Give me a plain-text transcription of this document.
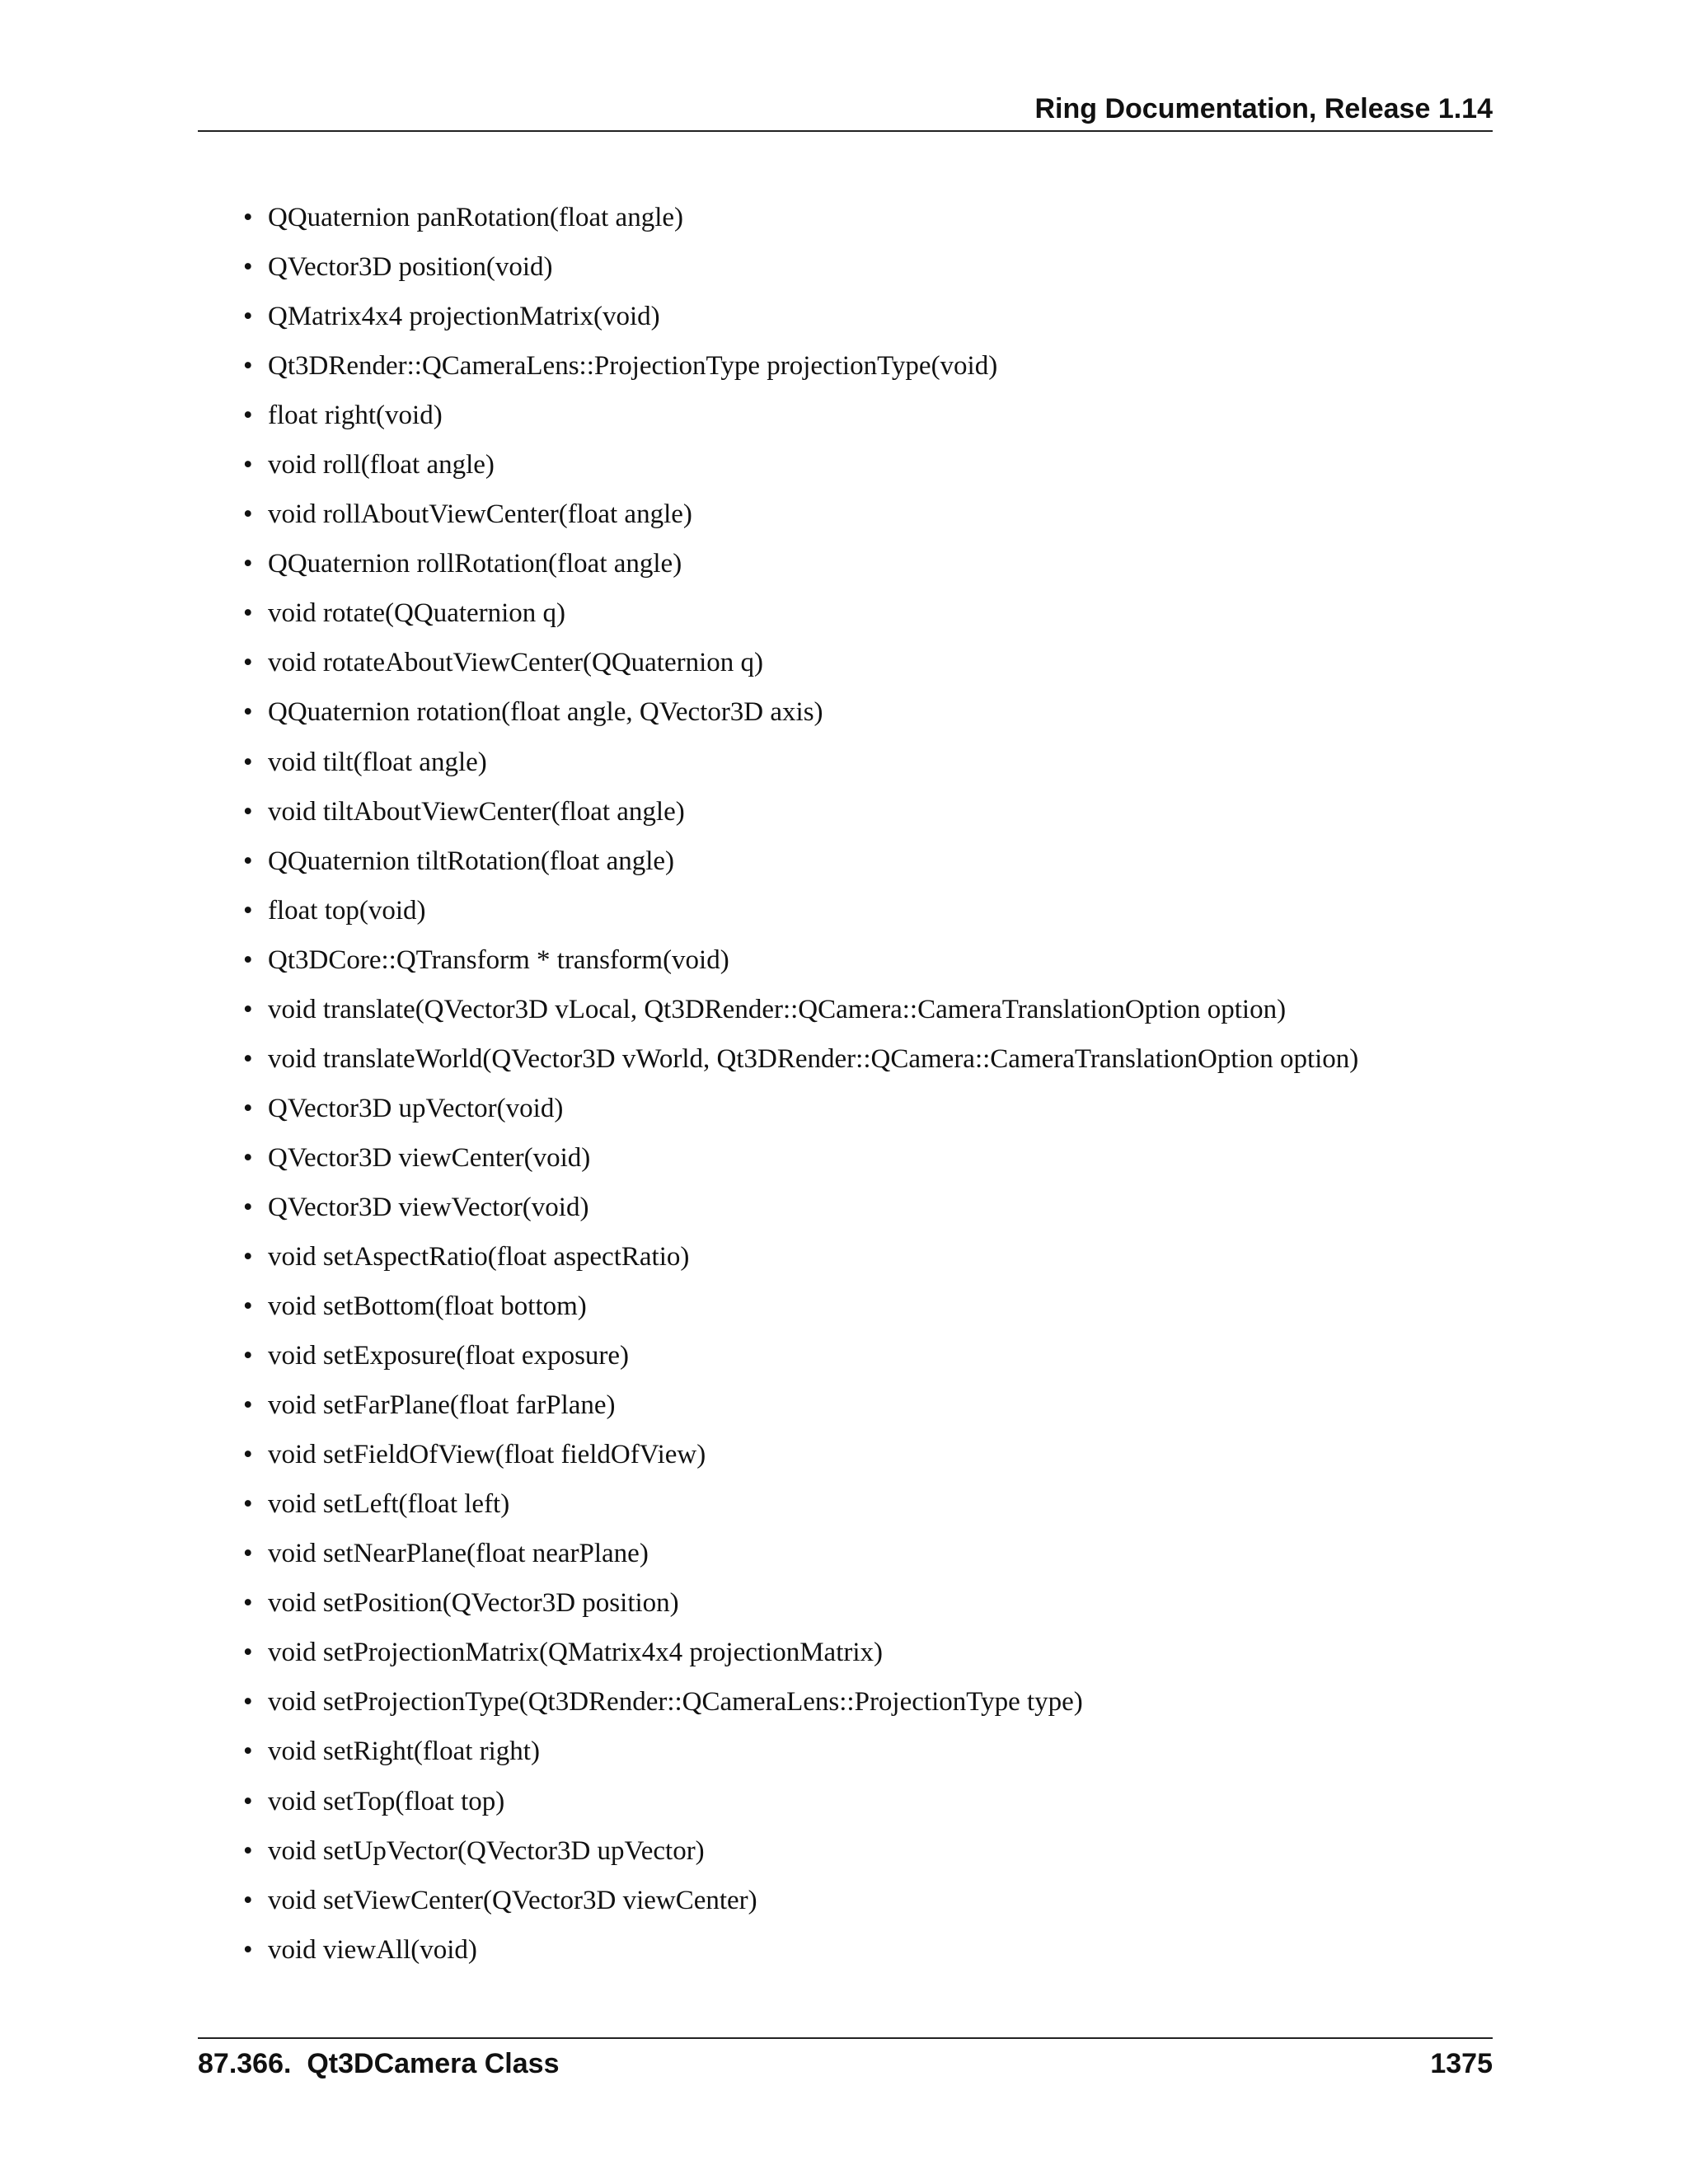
Ring Documentation, Release 1.14
• QQuaternion panRotation(float angle)
• QVector3D position(void)
• QMatrix4x4 projectionMatrix(void)
• Qt3DRender::QCameraLens::ProjectionType projectionType(void)
• float right(void)
• void roll(float angle)
• void rollAboutViewCenter(float angle)
• QQuaternion rollRotation(float angle)
• void rotate(QQuaternion q)
• void rotateAboutViewCenter(QQuaternion q)
• QQuaternion rotation(float angle, QVector3D axis)
• void tilt(float angle)
• void tiltAboutViewCenter(float angle)
• QQuaternion tiltRotation(float angle)
• float top(void)
• Qt3DCore::QTransform * transform(void)
• void translate(QVector3D vLocal, Qt3DRender::QCamera::CameraTranslationOption option)
• void translateWorld(QVector3D vWorld, Qt3DRender::QCamera::CameraTranslationOption option)
• QVector3D upVector(void)
• QVector3D viewCenter(void)
• QVector3D viewVector(void)
• void setAspectRatio(float aspectRatio)
• void setBottom(float bottom)
• void setExposure(float exposure)
• void setFarPlane(float farPlane)
• void setFieldOfView(float fieldOfView)
• void setLeft(float left)
• void setNearPlane(float nearPlane)
• void setPosition(QVector3D position)
• void setProjectionMatrix(QMatrix4x4 projectionMatrix)
• void setProjectionType(Qt3DRender::QCameraLens::ProjectionType type)
• void setRight(float right)
• void setTop(float top)
• void setUpVector(QVector3D upVector)
• void setViewCenter(QVector3D viewCenter)
• void viewAll(void)
87.366.  Qt3DCamera Class	1375
